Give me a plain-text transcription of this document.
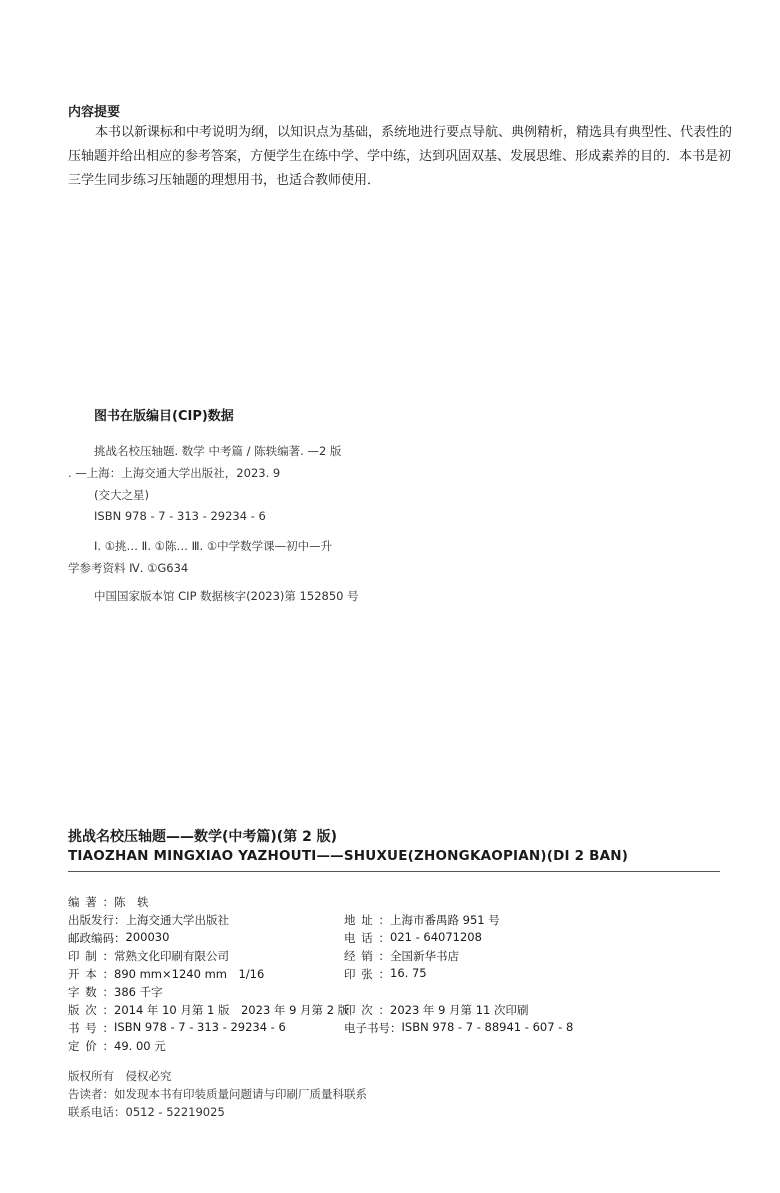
内容提要

本书以新课标和中考说明为纲，以知识点为基础，系统地进行要点导航、典例精析，精选具有典型性、代表性的压轴题并给出相应的参考答案，方便学生在练中学、学中练，达到巩固双基、发展思维、形成素养的目的．本书是初三学生同步练习压轴题的理想用书，也适合教师使用．

图书在版编目(CIP)数据
挑战名校压轴题. 数学 中考篇 / 陈轶编著. —2 版
. —上海：上海交通大学出版社，2023. 9
(交大之星)
ISBN 978 - 7 - 313 - 29234 - 6
Ⅰ. ①挑… Ⅱ. ①陈… Ⅲ. ①中学数学课—初中—升
学参考资料 Ⅳ. ①G634
中国国家版本馆 CIP 数据核字(2023)第 152850 号
挑战名校压轴题——数学(中考篇)(第 2 版)
TIAOZHAN MINGXIAO YAZHOUTI——SHUXUE(ZHONGKAOPIAN)(DI 2 BAN)
编著： 陈　轶
出版发行： 上海交通大学出版社
邮政编码： 200030
印制： 常熟文化印刷有限公司
开本： 890 mm×1240 mm　1/16
字数： 386 千字
版次： 2014 年 10 月第 1 版　2023 年 9 月第 2 版
书号： ISBN 978 - 7 - 313 - 29234 - 6
定价： 49. 00 元
地址： 上海市番禺路 951 号
电话： 021 - 64071208
经销： 全国新华书店
印张： 16. 75
印次： 2023 年 9 月第 11 次印刷
电子书号： ISBN 978 - 7 - 88941 - 607 - 8
版权所有　侵权必究
告读者：如发现本书有印装质量问题请与印刷厂质量科联系
联系电话：0512 - 52219025
